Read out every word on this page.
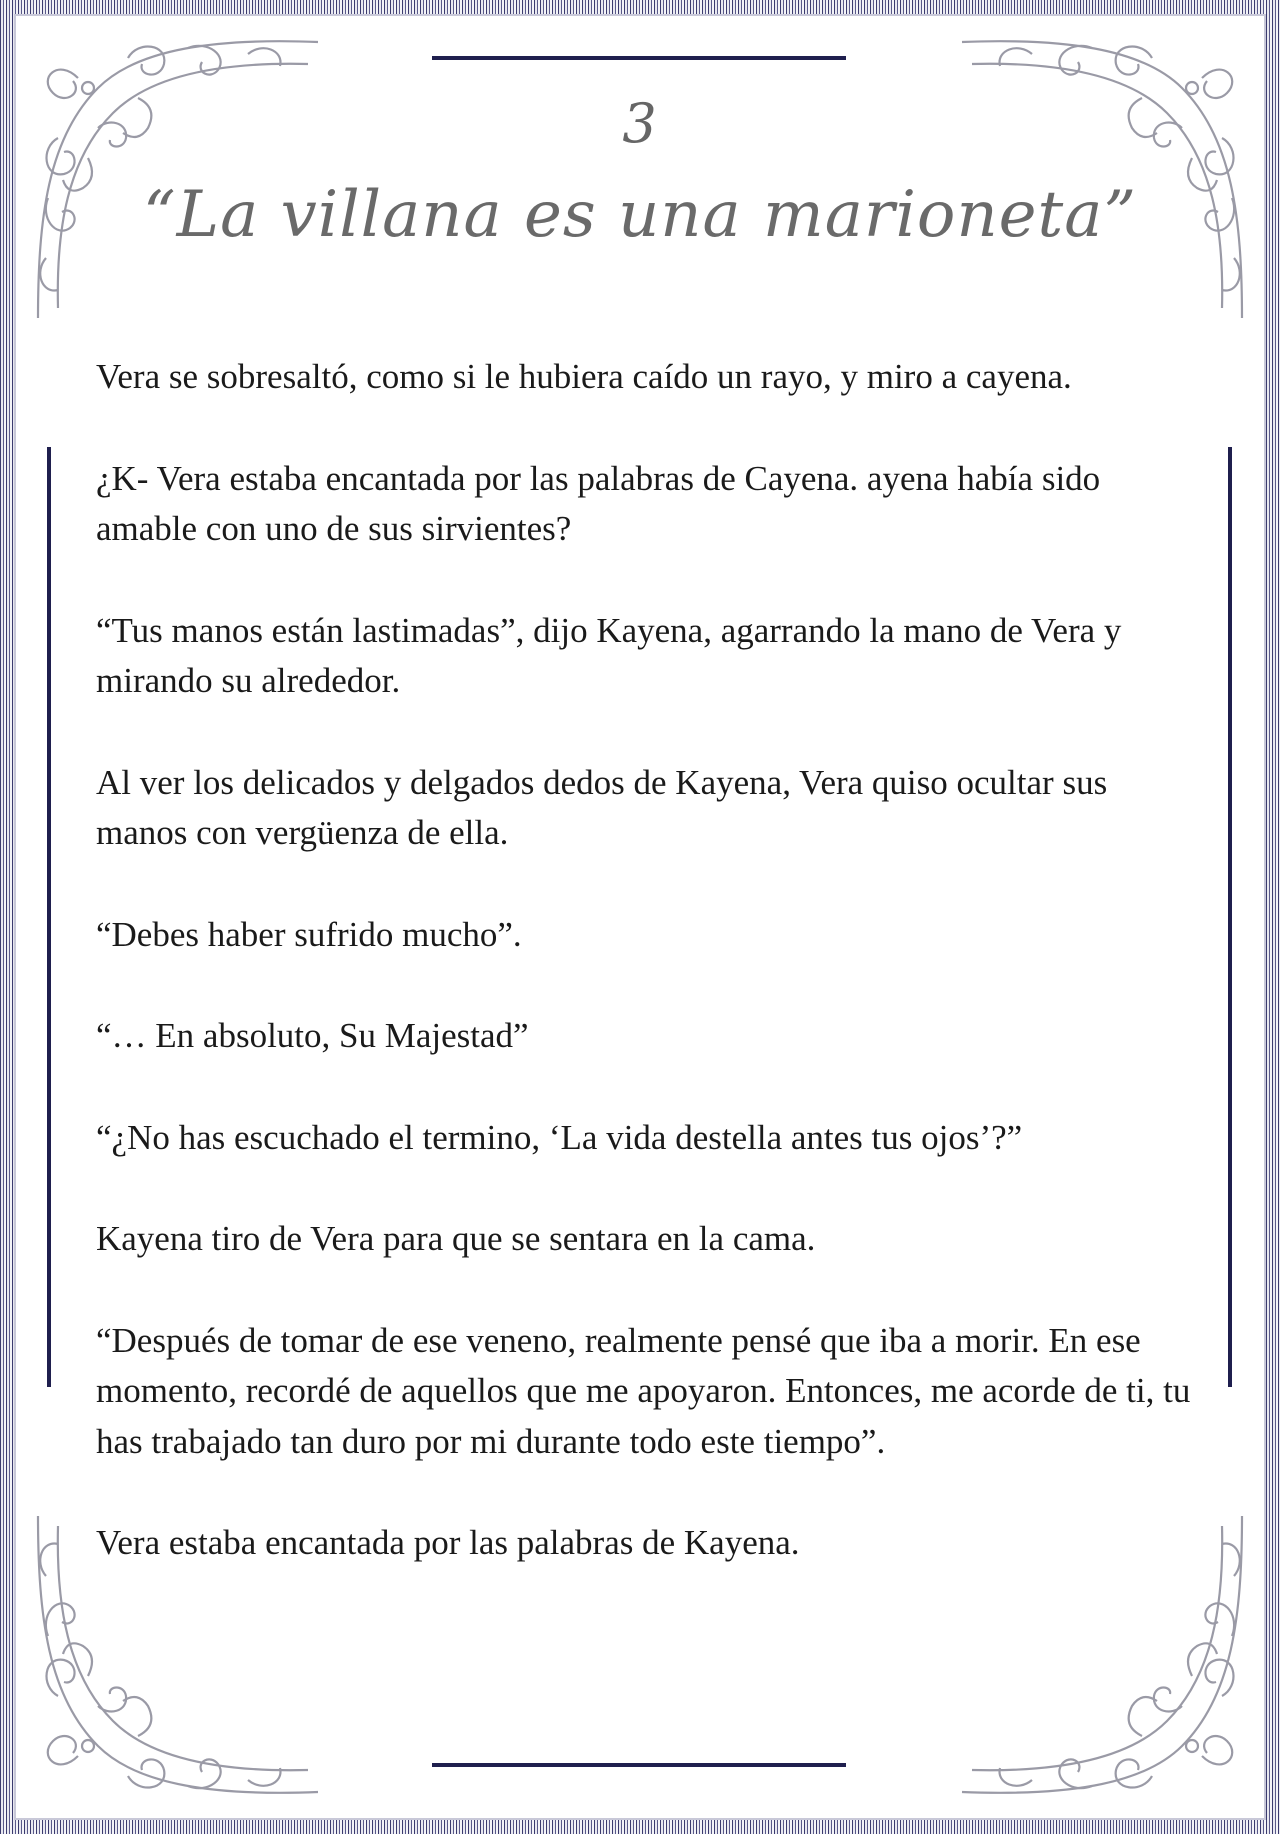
3
“La villana es una marioneta”

Vera se sobresaltó, como si le hubiera caído un rayo, y miro a cayena.

¿K- Vera estaba encantada por las palabras de Cayena. ayena había sido amable con uno de sus sirvientes?

“Tus manos están lastimadas”, dijo Kayena, agarrando la mano de Vera y mirando su alrededor.

Al ver los delicados y delgados dedos de Kayena, Vera quiso ocultar sus manos con vergüenza de ella.

“Debes haber sufrido mucho”.

“… En absoluto, Su Majestad”

“¿No has escuchado el termino, ‘La vida destella antes tus ojos’?”

Kayena tiro de Vera para que se sentara en la cama.

“Después de tomar de ese veneno, realmente pensé que iba a morir. En ese momento, recordé de aquellos que me apoyaron. Entonces, me acorde de ti, tu has trabajado tan duro por mi durante todo este tiempo”.

Vera estaba encantada por las palabras de Kayena.
